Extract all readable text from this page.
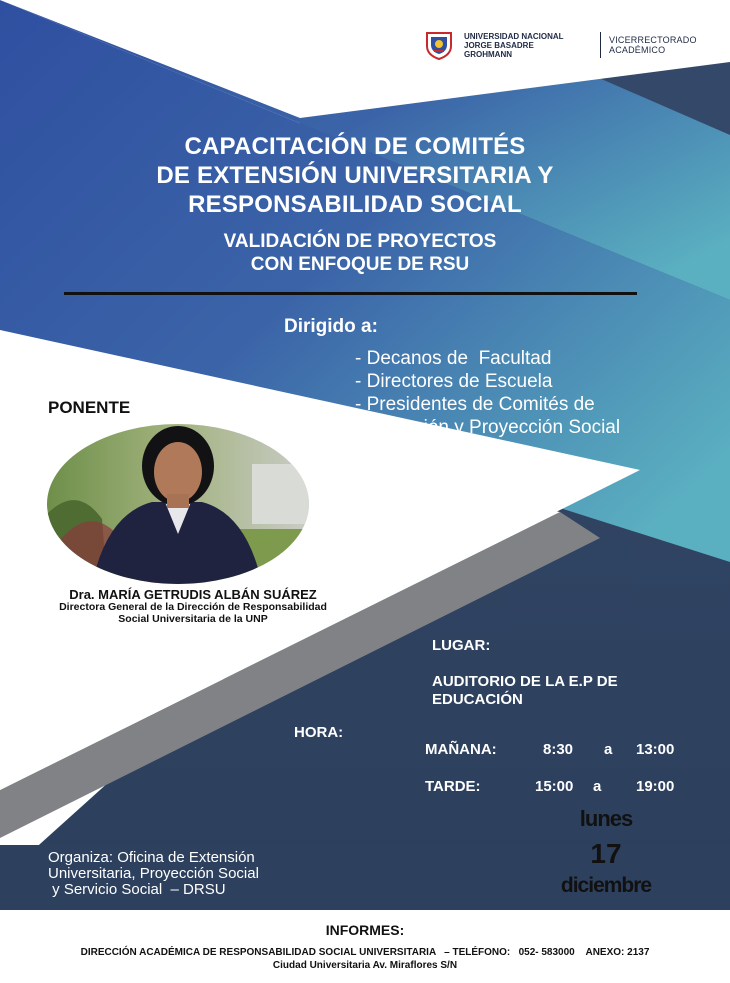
UNIVERSIDAD NACIONAL
JORGE BASADRE
GROHMANN
VICERRECTORADO
ACADÉMICO
CAPACITACIÓN DE COMITÉS
DE EXTENSIÓN UNIVERSITARIA Y
RESPONSABILIDAD SOCIAL
VALIDACIÓN DE PROYECTOS
CON ENFOQUE DE RSU
Dirigido a:
- Decanos de  Facultad
- Directores de Escuela
- Presidentes de Comités de
Extensión y Proyección Social
PONENTE
Dra. MARÍA GETRUDIS ALBÁN SUÁREZ
Directora General de la Dirección de Responsabilidad
Social Universitaria de la UNP
LUGAR:
AUDITORIO DE LA E.P DE
EDUCACIÓN
HORA:
MAÑANA:	8:30 a 13:00
TARDE:	15:00 a 19:00
lunes
17
diciembre
Organiza: Oficina de Extensión
Universitaria, Proyección Social
y Servicio Social  – DRSU
INFORMES:
DIRECCIÓN ACADÉMICA DE RESPONSABILIDAD SOCIAL UNIVERSITARIA   – TELÉFONO:   052- 583000    ANEXO: 2137
Ciudad Universitaria Av. Miraflores S/N
